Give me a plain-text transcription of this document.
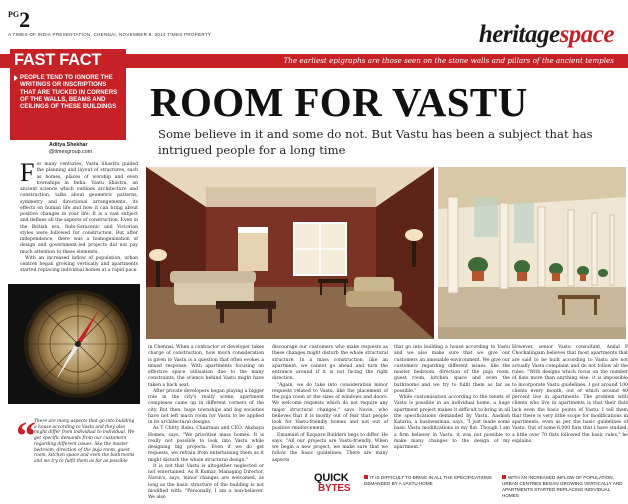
$^{PG}$2
A TIMES OF INDIA PRESENTATION, CHENNAI, NOVEMBER 8, 2014 TIMES PROPERTY	heritagespace
The earliest epigraphs are those seen on the stone walls and pillars of the ancient temples
FAST FACT
PEOPLE TEND TO IGNORE THE WRITINGS OR INSCRIPTIONS THAT ARE TUCKED IN CORNERS OF THE WALLS, BEAMS AND CEILINGS OF THESE BUILDINGS ROOM FOR VASTU
Some believe in it and some do not. But Vastu has been a subject that has intrigued people for a long time
Aditya Shekhar
@timesgroup.com
F or many centuries, Vastu Shastra guided the planning and layout of structures, such as homes, places of worship and even townships in India. Vastu Shastra, an ancient science which outlines architecture and construction, talks about geometric patterns, symmetry and directional arrangements, its effects on human life and how it can bring about positive changes in your life. It is a vast subject and defines all the aspects of construction. Even in the British era, Indo-Saracenic and Victorian styles were followed for construction. But after independence, there was a homogenisation of design and government-led projects did not pay much attention to these elements.

With an increased inflow of population, urban centres began growing vertically and apartments started replacing individual homes at a rapid pace

N
“
There are many aspects that go into building a house according to Vastu and they also might differ from individual to individual. We get specific demands from our customers regarding different issues, like the master bedroom, direction of the puja room, guest room, kitchen space and even the bathrooms and we try to fulfil them as far as possible

in Chennai. When a contractor or developer takes charge of construction, how much consideration is given to Vastu is a question that often evokes a mixed response. With apartments focusing on effective space utilisation due to the many constraints, the science behind Vastu might have taken a back seat.

After private developers began playing a bigger role in the city's realty scene, apartment complexes came up in different corners of the city. But then, huge townships and big societies have not left much room for Vastu to be applied in its architectural designs.

As T Chitty Babu, Chairman and CEO, Akshaya Homes, says, "We prioritise mass homes. It is really not possible to look into Vastu while designing big projects. Even if we do get requests, we refrain from entertaining them as it might disturb the whole structural design."

It is not that Vastu is altogether neglected or not entertained. As R Kumar, Managing Director, Navin's, says, minor changes are welcomed, as long as the basic structure of the building is not modified with: "Personally, I am a non-believer. We also

discourage our customers who make requests as these changes might disturb the whole structural structure. In a mass construction, like an apartment, we cannot go ahead and turn the entrance around if it is not facing the right direction.

"Again, we do take into consideration minor requests related to Vastu, like the placement of the puja room or the sizes of windows and doors. We welcome requests which do not require any major structural changes," says Navin, who believes that it is mostly out of fear that people look for Vastu-friendly homes and not out of positive reinforcement.

Emamuel of Ezquare Builders begs to differ. He says, "All our projects are Vastu-friendly. When we begin a new project, we make sure that we follow the basic guidelines. There are many aspects

that go into building a house according to Vastu and we also make sure that we give our customers an amenable environment. We give our customers regarding different issues, like the master bedroom, direction of the puja room, guest room, kitchen space and even the bathrooms and we try to fulfil them as far as possible."

While customisation according to the tenets of Vastu is possible in an individual home, a huge apartment project makes it difficult to bring in all the specifications demanded by Vastu. Aashish Kataria, a businessman, says, "I just made some basic Vastu modifications in my flat. Though I am a firm believer in Vastu, it was not possible to make many changes to the design of my apartment."

However, senior Vastu consultant, Andal P Chockalingam believes that most apartments that are said to be built according to Vastu are not actually Vastu-complaint and do not follow all the rules. "With designs which focus on the number of flats more than anything else, it is impossible to incorporate Vastu guidelines. I got around 100 clients every month, out of which around 40 percent live in apartments. The problem with clients who live in apartments is that their flats lack even the basic points of Vastu. I tell them that there is very little scope for modifications in apartments, even as per the basic guidelines of Vastu. Out of some 6,000 flats that I have studied, a little over 70 flats followed the basic rules," he explains.

QUICK
BYTES
IT IS DIFFICULT TO BRING IN ALL THE SPECIFICATIONS DEMANDED BY A VASTU HOME
WITH AN INCREASED INFLOW OF POPULATION, URBAN CENTRES BEGAN GROWING VERTICALLY AND APARTMENTS STARTED REPLACING INDIVIDUAL HOMES
